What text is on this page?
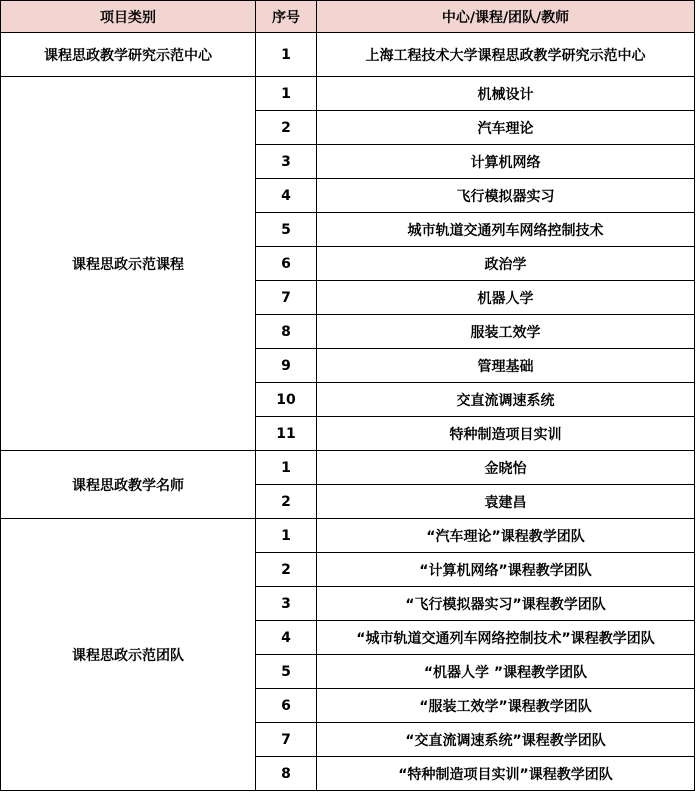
项目类别	序号	中心/课程/团队/教师
课程思政教学研究示范中心	1	上海工程技术大学课程思政教学研究示范中心
课程思政示范课程	1	机械设计
	2	汽车理论
	3	计算机网络
	4	飞行模拟器实习
	5	城市轨道交通列车网络控制技术
	6	政治学
	7	机器人学
	8	服装工效学
	9	管理基础
	10	交直流调速系统
	11	特种制造项目实训
课程思政教学名师	1	金晓怡
	2	袁建昌
课程思政示范团队	1	“汽车理论”课程教学团队
	2	“计算机网络”课程教学团队
	3	“飞行模拟器实习”课程教学团队
	4	“城市轨道交通列车网络控制技术”课程教学团队
	5	“机器人学 ”课程教学团队
	6	“服装工效学”课程教学团队
	7	“交直流调速系统”课程教学团队
	8	“特种制造项目实训”课程教学团队
